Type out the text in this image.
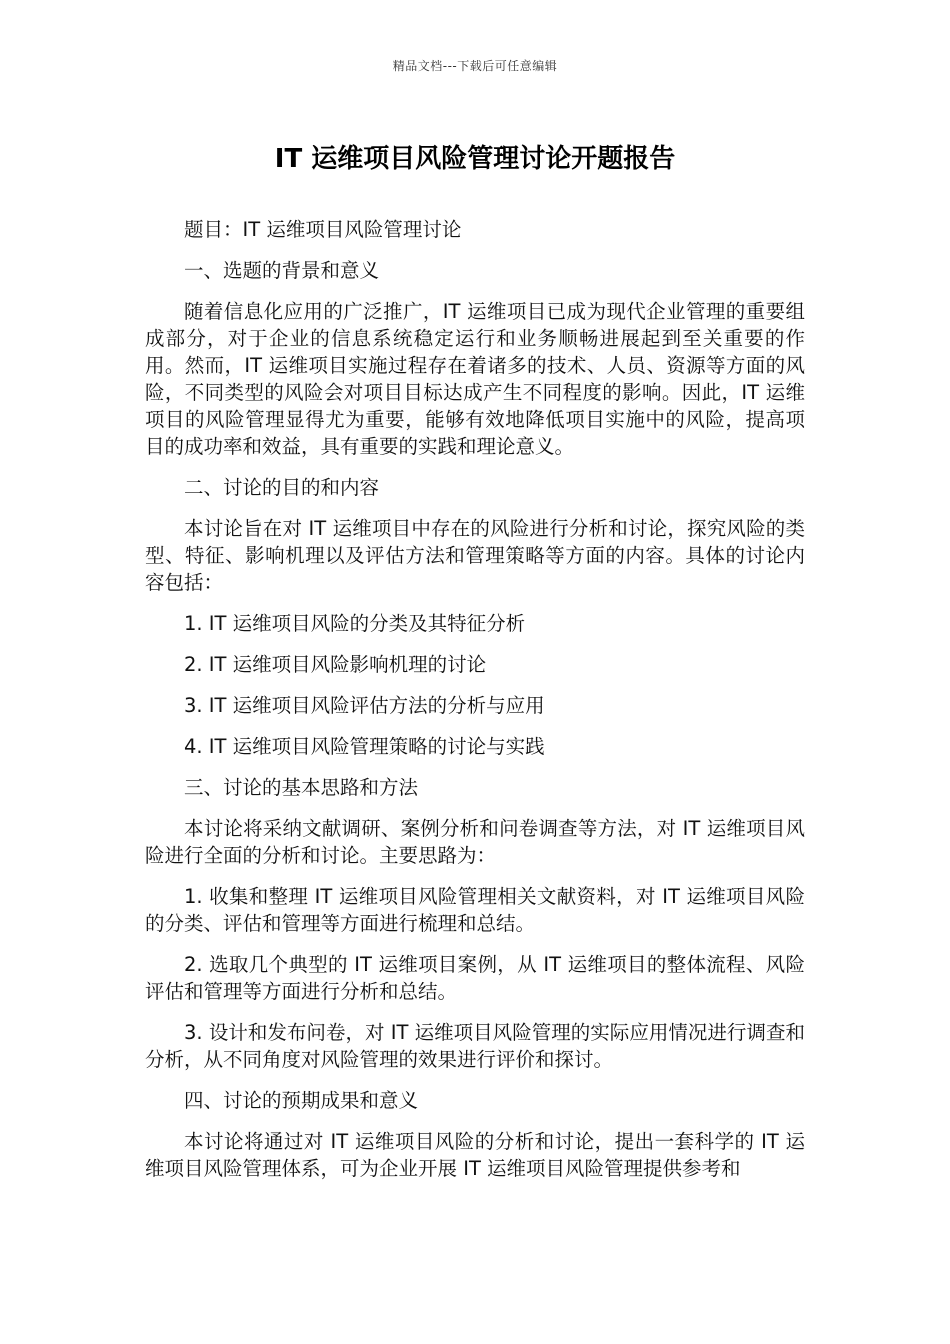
精品文档---下载后可任意编辑
IT 运维项目风险管理讨论开题报告

题目：IT 运维项目风险管理讨论

一、选题的背景和意义

随着信息化应用的广泛推广，IT 运维项目已成为现代企业管理的重要组成部分，对于企业的信息系统稳定运行和业务顺畅进展起到至关重要的作用。然而，IT 运维项目实施过程存在着诸多的技术、人员、资源等方面的风险，不同类型的风险会对项目目标达成产生不同程度的影响。因此，IT 运维项目的风险管理显得尤为重要，能够有效地降低项目实施中的风险，提高项目的成功率和效益，具有重要的实践和理论意义。

二、讨论的目的和内容

本讨论旨在对 IT 运维项目中存在的风险进行分析和讨论，探究风险的类型、特征、影响机理以及评估方法和管理策略等方面的内容。具体的讨论内容包括：

1. IT 运维项目风险的分类及其特征分析

2. IT 运维项目风险影响机理的讨论

3. IT 运维项目风险评估方法的分析与应用

4. IT 运维项目风险管理策略的讨论与实践

三、讨论的基本思路和方法

本讨论将采纳文献调研、案例分析和问卷调查等方法，对 IT 运维项目风险进行全面的分析和讨论。主要思路为：

1. 收集和整理 IT 运维项目风险管理相关文献资料，对 IT 运维项目风险的分类、评估和管理等方面进行梳理和总结。

2. 选取几个典型的 IT 运维项目案例，从 IT 运维项目的整体流程、风险评估和管理等方面进行分析和总结。

3. 设计和发布问卷，对 IT 运维项目风险管理的实际应用情况进行调查和分析，从不同角度对风险管理的效果进行评价和探讨。

四、讨论的预期成果和意义

本讨论将通过对 IT 运维项目风险的分析和讨论，提出一套科学的 IT 运维项目风险管理体系，可为企业开展 IT 运维项目风险管理提供参考和
